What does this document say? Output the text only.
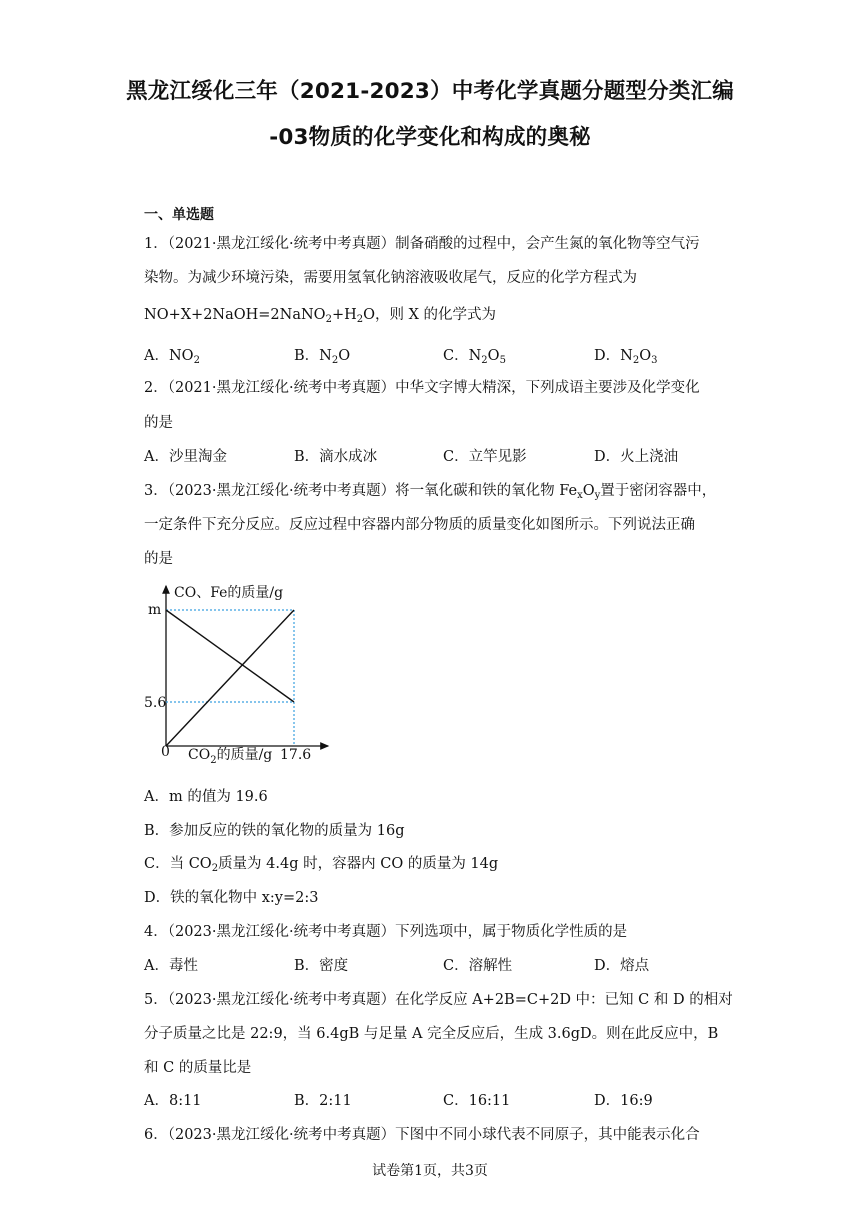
黑龙江绥化三年（2021-2023）中考化学真题分题型分类汇编
-03物质的化学变化和构成的奥秘
一、单选题
1．（2021·黑龙江绥化·统考中考真题）制备硝酸的过程中，会产生氮的氧化物等空气污
染物。为减少环境污染，需要用氢氧化钠溶液吸收尾气，反应的化学方程式为
$NO+X+2NaOH=2NaNO_2+H_2O$，则 X 的化学式为
A．$NO_2$	B．$N_2O$	C．$N_2O_5$	D．$N_2O_3$
2．（2021·黑龙江绥化·统考中考真题）中华文字博大精深，下列成语主要涉及化学变化
的是
A．沙里淘金	B．滴水成冰	C．立竿见影	D．火上浇油
3．（2023·黑龙江绥化·统考中考真题）将一氧化碳和铁的氧化物 $Fe_xO_y$置于密闭容器中，
一定条件下充分反应。反应过程中容器内部分物质的质量变化如图所示。下列说法正确
的是
CO、Fe的质量/g
m
5.6
0 $CO_2$的质量/g 17.6
A．m 的值为 19.6
B．参加反应的铁的氧化物的质量为 16g
C．当 $CO_2$质量为 4.4g 时，容器内 CO 的质量为 14g
D．铁的氧化物中 x:y=2:3
4．（2023·黑龙江绥化·统考中考真题）下列选项中，属于物质化学性质的是
A．毒性	B．密度	C．溶解性	D．熔点
5．（2023·黑龙江绥化·统考中考真题）在化学反应 A+2B=C+2D 中：已知 C 和 D 的相对
分子质量之比是 22:9，当 6.4gB 与足量 A 完全反应后，生成 3.6gD。则在此反应中，B
和 C 的质量比是
A．8:11	B．2:11	C．16:11	D．16:9
6．（2023·黑龙江绥化·统考中考真题）下图中不同小球代表不同原子，其中能表示化合
试卷第1页，共3页
